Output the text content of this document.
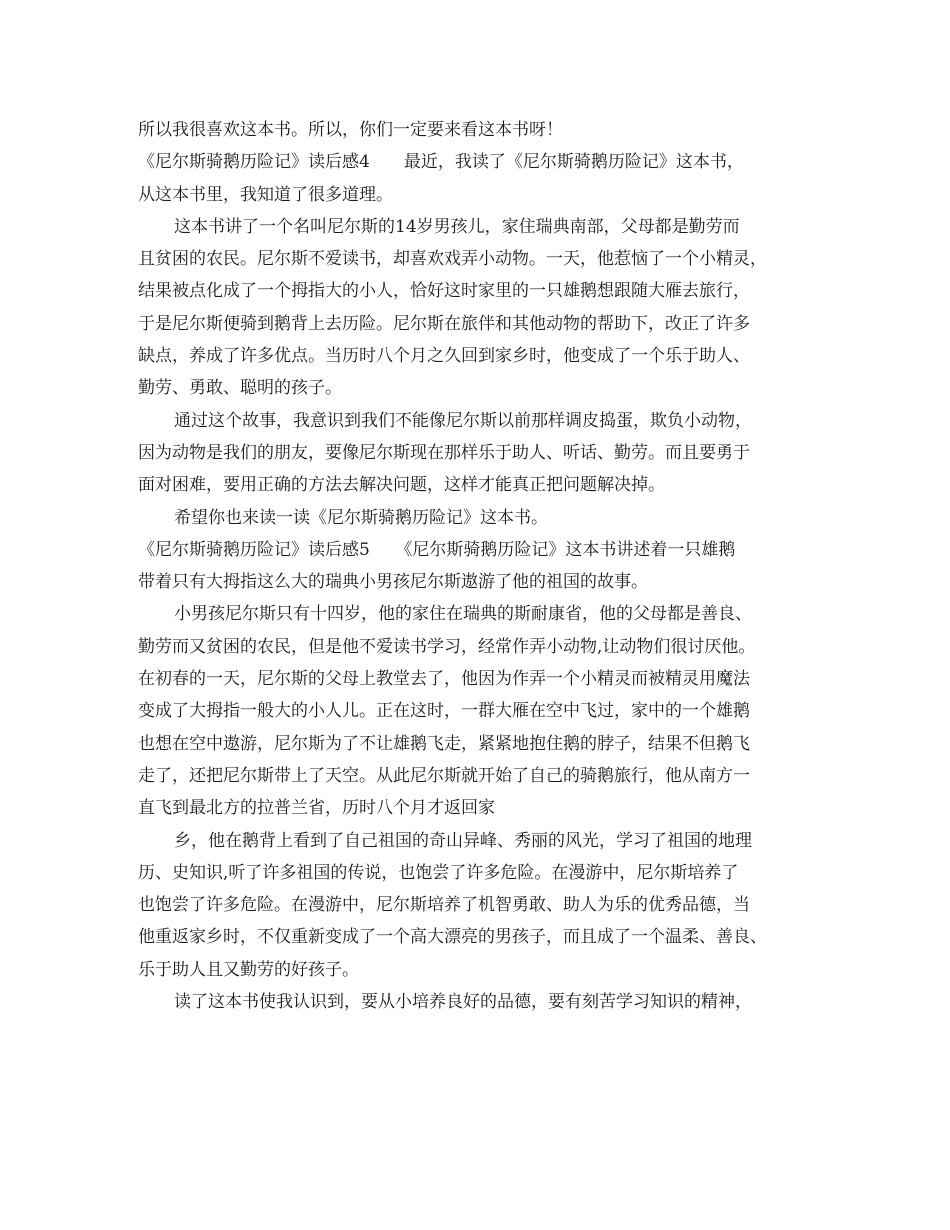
所以我很喜欢这本书。所以，你们一定要来看这本书呀！
《尼尔斯骑鹅历险记》读后感4　　最近，我读了《尼尔斯骑鹅历险记》这本书，
从这本书里，我知道了很多道理。
这本书讲了一个名叫尼尔斯的14岁男孩儿，家住瑞典南部，父母都是勤劳而
且贫困的农民。尼尔斯不爱读书，却喜欢戏弄小动物。一天，他惹恼了一个小精灵，
结果被点化成了一个拇指大的小人，恰好这时家里的一只雄鹅想跟随大雁去旅行，
于是尼尔斯便骑到鹅背上去历险。尼尔斯在旅伴和其他动物的帮助下，改正了许多
缺点，养成了许多优点。当历时八个月之久回到家乡时，他变成了一个乐于助人、
勤劳、勇敢、聪明的孩子。
通过这个故事，我意识到我们不能像尼尔斯以前那样调皮捣蛋，欺负小动物，
因为动物是我们的朋友，要像尼尔斯现在那样乐于助人、听话、勤劳。而且要勇于
面对困难，要用正确的方法去解决问题，这样才能真正把问题解决掉。
希望你也来读一读《尼尔斯骑鹅历险记》这本书。
《尼尔斯骑鹅历险记》读后感5　　《尼尔斯骑鹅历险记》这本书讲述着一只雄鹅
带着只有大拇指这么大的瑞典小男孩尼尔斯遨游了他的祖国的故事。
小男孩尼尔斯只有十四岁，他的家住在瑞典的斯耐康省，他的父母都是善良、
勤劳而又贫困的农民，但是他不爱读书学习，经常作弄小动物,让动物们很讨厌他。
在初春的一天，尼尔斯的父母上教堂去了，他因为作弄一个小精灵而被精灵用魔法
变成了大拇指一般大的小人儿。正在这时，一群大雁在空中飞过，家中的一个雄鹅
也想在空中遨游，尼尔斯为了不让雄鹅飞走，紧紧地抱住鹅的脖子，结果不但鹅飞
走了，还把尼尔斯带上了天空。从此尼尔斯就开始了自己的骑鹅旅行，他从南方一
直飞到最北方的拉普兰省，历时八个月才返回家
乡，他在鹅背上看到了自己祖国的奇山异峰、秀丽的风光，学习了祖国的地理
历、史知识,听了许多祖国的传说，也饱尝了许多危险。在漫游中，尼尔斯培养了
也饱尝了许多危险。在漫游中，尼尔斯培养了机智勇敢、助人为乐的优秀品德，当
他重返家乡时，不仅重新变成了一个高大漂亮的男孩子，而且成了一个温柔、善良、
乐于助人且又勤劳的好孩子。
读了这本书使我认识到，要从小培养良好的品德，要有刻苦学习知识的精神，
